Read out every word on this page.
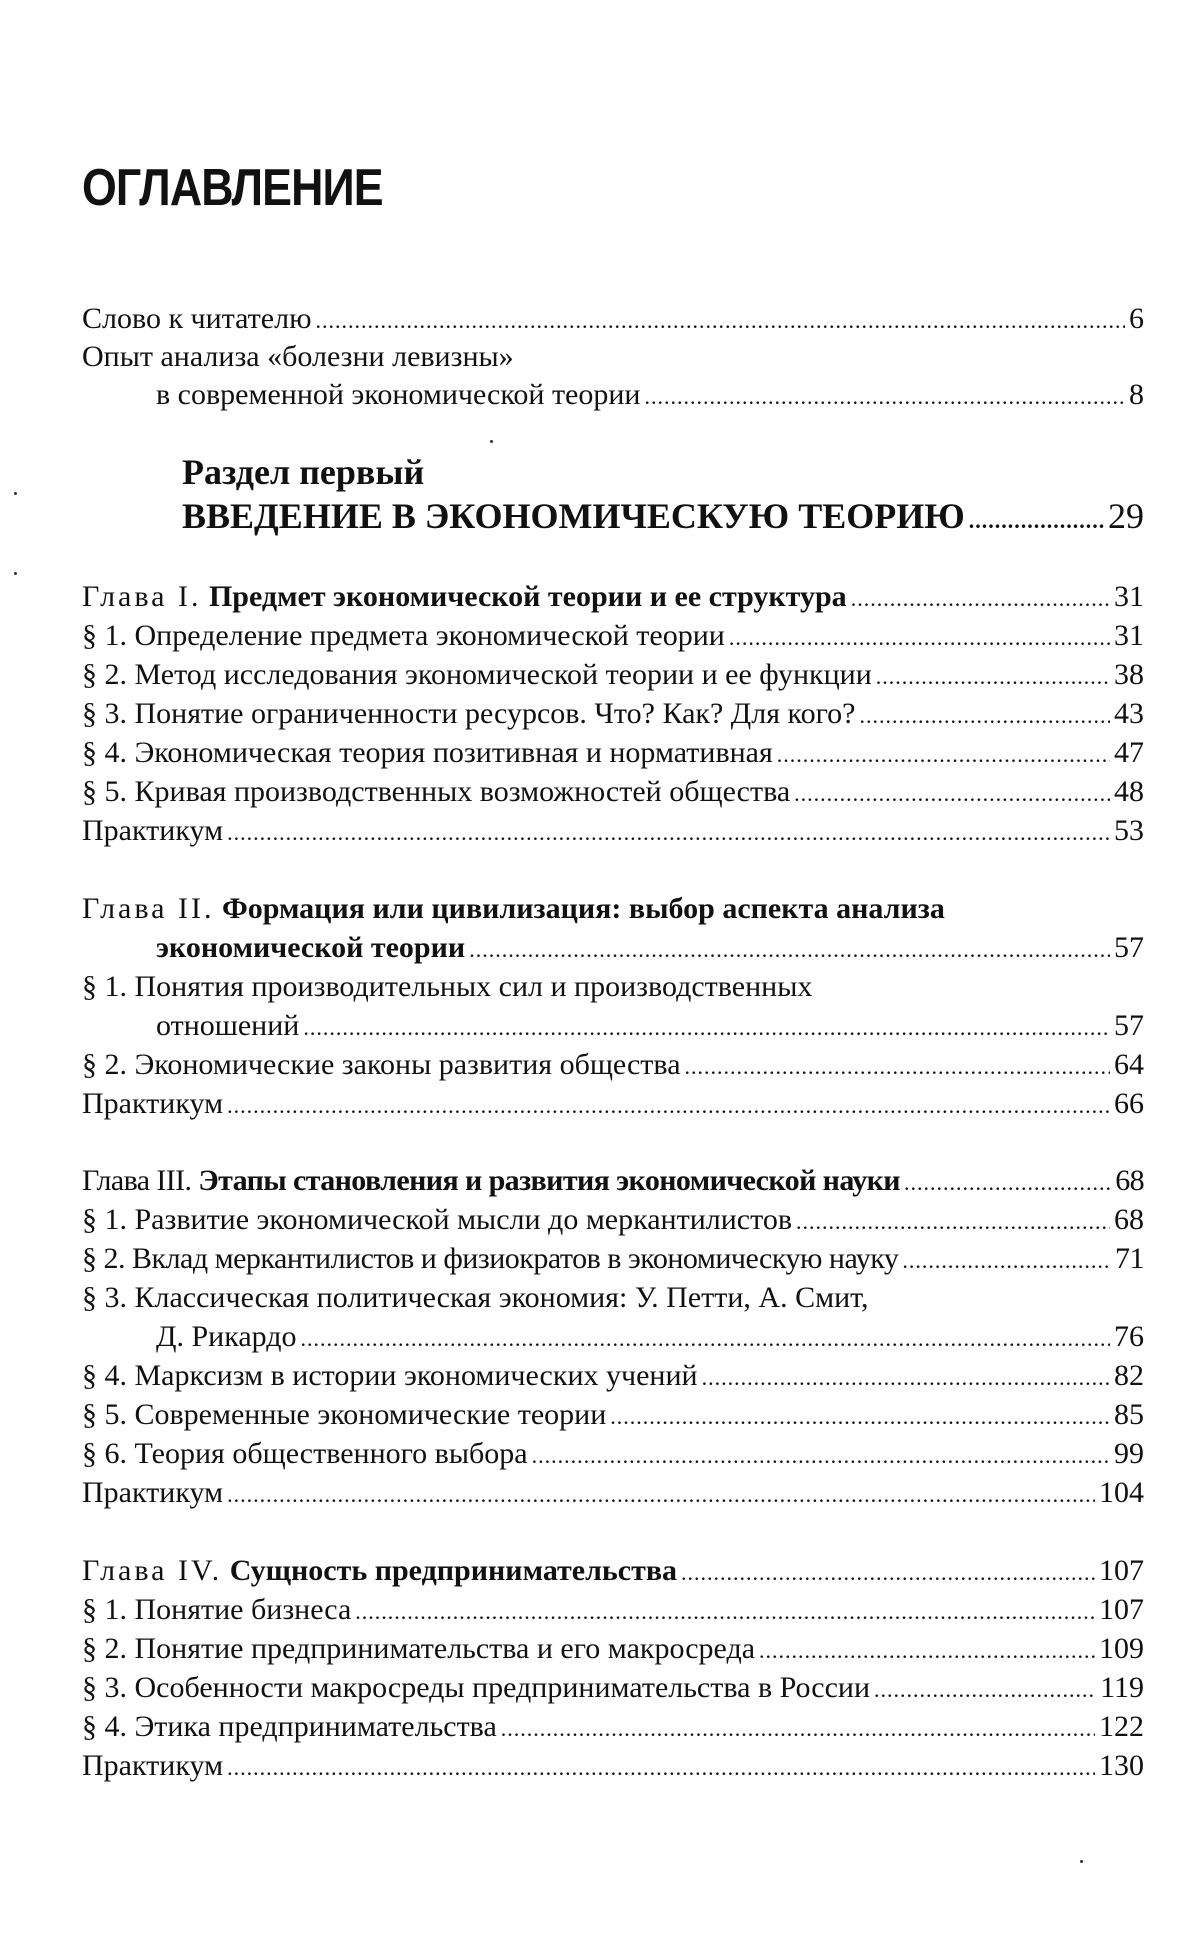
ОГЛАВЛЕНИЕ
Слово к читателю
.....	6
Опыт анализа «болезни левизны»
в современной экономической теории
.....	8
Глава I. Предмет экономической теории и ее структура
.....	31
§ 1. Определение предмета экономической теории
.....	31
§ 2. Метод исследования экономической теории и ее функции
.....	38
§ 3. Понятие ограниченности ресурсов. Что? Как? Для кого?
.....	43
§ 4. Экономическая теория позитивная и нормативная
.....	47
§ 5. Кривая производственных возможностей общества
.....	48
Практикум
.....	53
Глава II. Формация или цивилизация: выбор аспекта анализа
экономической теории
.....	57
§ 1. Понятия производительных сил и производственных
отношений
.....	57
§ 2. Экономические законы развития общества
.....	64
Практикум
.....	66
Глава III. Этапы становления и развития экономической науки
.....	68
§ 1. Развитие экономической мысли до меркантилистов
.....	68
§ 2. Вклад меркантилистов и физиократов в экономическую науку
.....	71
§ 3. Классическая политическая экономия: У. Петти, А. Смит,
Д. Рикардо
.....	76
§ 4. Марксизм в истории экономических учений
.....	82
§ 5. Современные экономические теории
.....	85
§ 6. Теория общественного выбора
.....	99
Практикум
.....	104
Глава IV. Сущность предпринимательства
.....	107
§ 1. Понятие бизнеса
.....	107
§ 2. Понятие предпринимательства и его макросреда
.....	109
§ 3. Особенности макросреды предпринимательства в России
.....	119
§ 4. Этика предпринимательства
.....	122
Практикум
.....	130
Раздел первый
ВВЕДЕНИЕ В ЭКОНОМИЧЕСКУЮ ТЕОРИЮ
.....	29
